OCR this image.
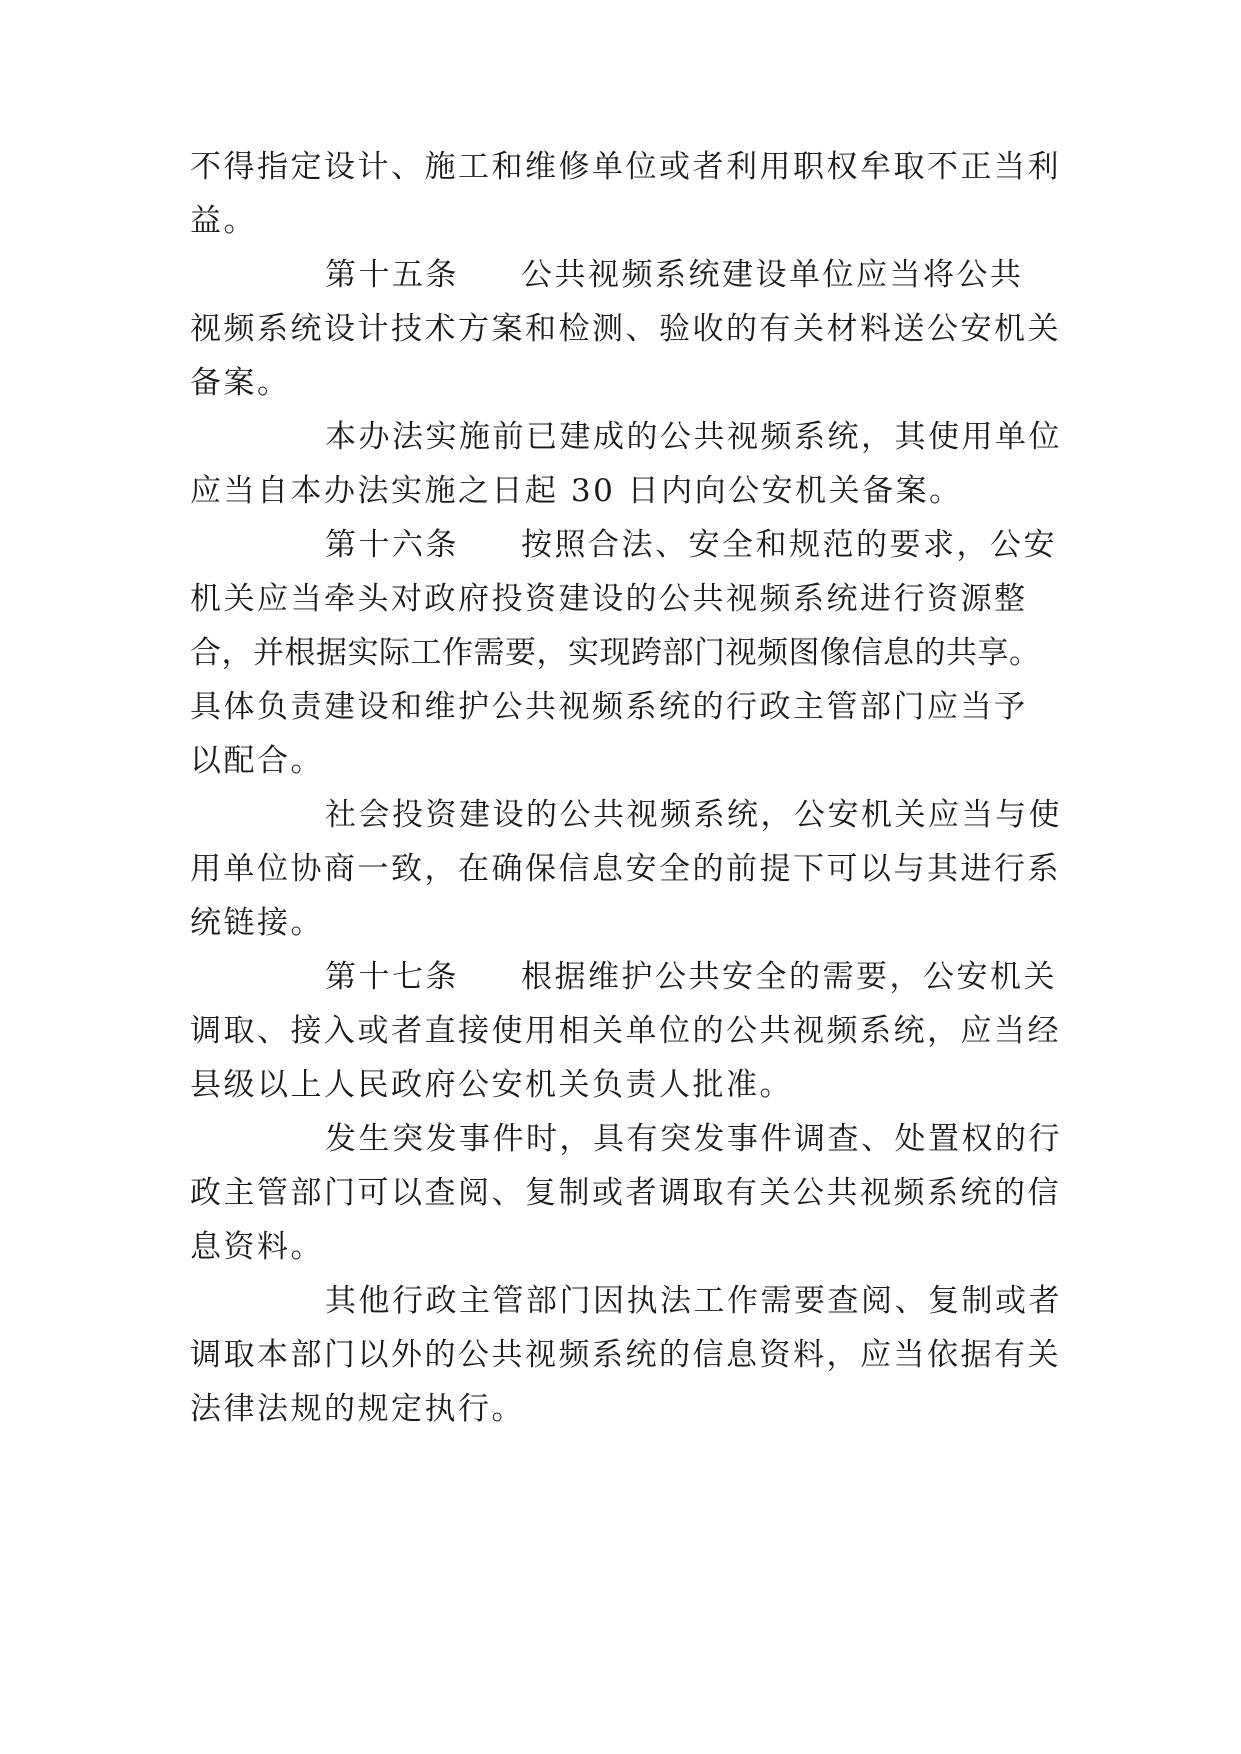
不得指定设计、施工和维修单位或者利用职权牟取不正当利
益。
第十五条 公共视频系统建设单位应当将公共
视频系统设计技术方案和检测、验收的有关材料送公安机关
备案。
本办法实施前已建成的公共视频系统，其使用单位
应当自本办法实施之日起 30 日内向公安机关备案。
第十六条 按照合法、安全和规范的要求，公安
机关应当牵头对政府投资建设的公共视频系统进行资源整
合，并根据实际工作需要，实现跨部门视频图像信息的共享。
具体负责建设和维护公共视频系统的行政主管部门应当予
以配合。
社会投资建设的公共视频系统，公安机关应当与使
用单位协商一致，在确保信息安全的前提下可以与其进行系
统链接。
第十七条 根据维护公共安全的需要，公安机关
调取、接入或者直接使用相关单位的公共视频系统，应当经
县级以上人民政府公安机关负责人批准。
发生突发事件时，具有突发事件调查、处置权的行
政主管部门可以查阅、复制或者调取有关公共视频系统的信
息资料。
其他行政主管部门因执法工作需要查阅、复制或者
调取本部门以外的公共视频系统的信息资料，应当依据有关
法律法规的规定执行。
